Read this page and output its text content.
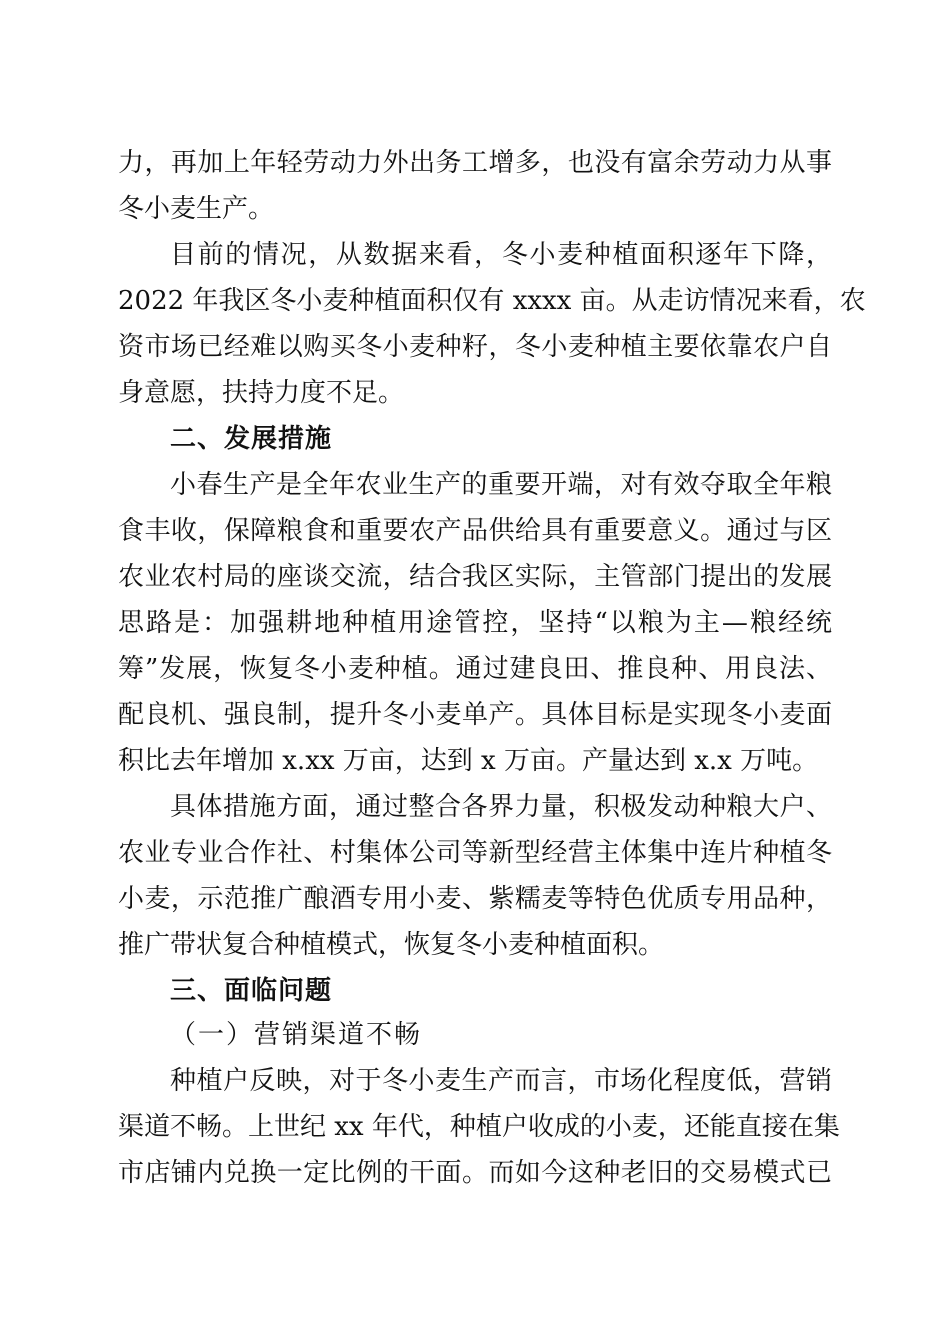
力，再加上年轻劳动力外出务工增多，也没有富余劳动力从事
冬小麦生产。
目前的情况，从数据来看，冬小麦种植面积逐年下降，
2022 年我区冬小麦种植面积仅有 xxxx 亩。从走访情况来看，农
资市场已经难以购买冬小麦种籽，冬小麦种植主要依靠农户自
身意愿，扶持力度不足。
二、发展措施
小春生产是全年农业生产的重要开端，对有效夺取全年粮
食丰收，保障粮食和重要农产品供给具有重要意义。通过与区
农业农村局的座谈交流，结合我区实际，主管部门提出的发展
思路是：加强耕地种植用途管控，坚持“以粮为主—粮经统
筹”发展，恢复冬小麦种植。通过建良田、推良种、用良法、
配良机、强良制，提升冬小麦单产。具体目标是实现冬小麦面
积比去年增加 x.xx 万亩，达到 x 万亩。产量达到 x.x 万吨。
具体措施方面，通过整合各界力量，积极发动种粮大户、
农业专业合作社、村集体公司等新型经营主体集中连片种植冬
小麦，示范推广酿酒专用小麦、紫糯麦等特色优质专用品种，
推广带状复合种植模式，恢复冬小麦种植面积。
三、面临问题
（一）营销渠道不畅
种植户反映，对于冬小麦生产而言，市场化程度低，营销
渠道不畅。上世纪 xx 年代，种植户收成的小麦，还能直接在集
市店铺内兑换一定比例的干面。而如今这种老旧的交易模式已
